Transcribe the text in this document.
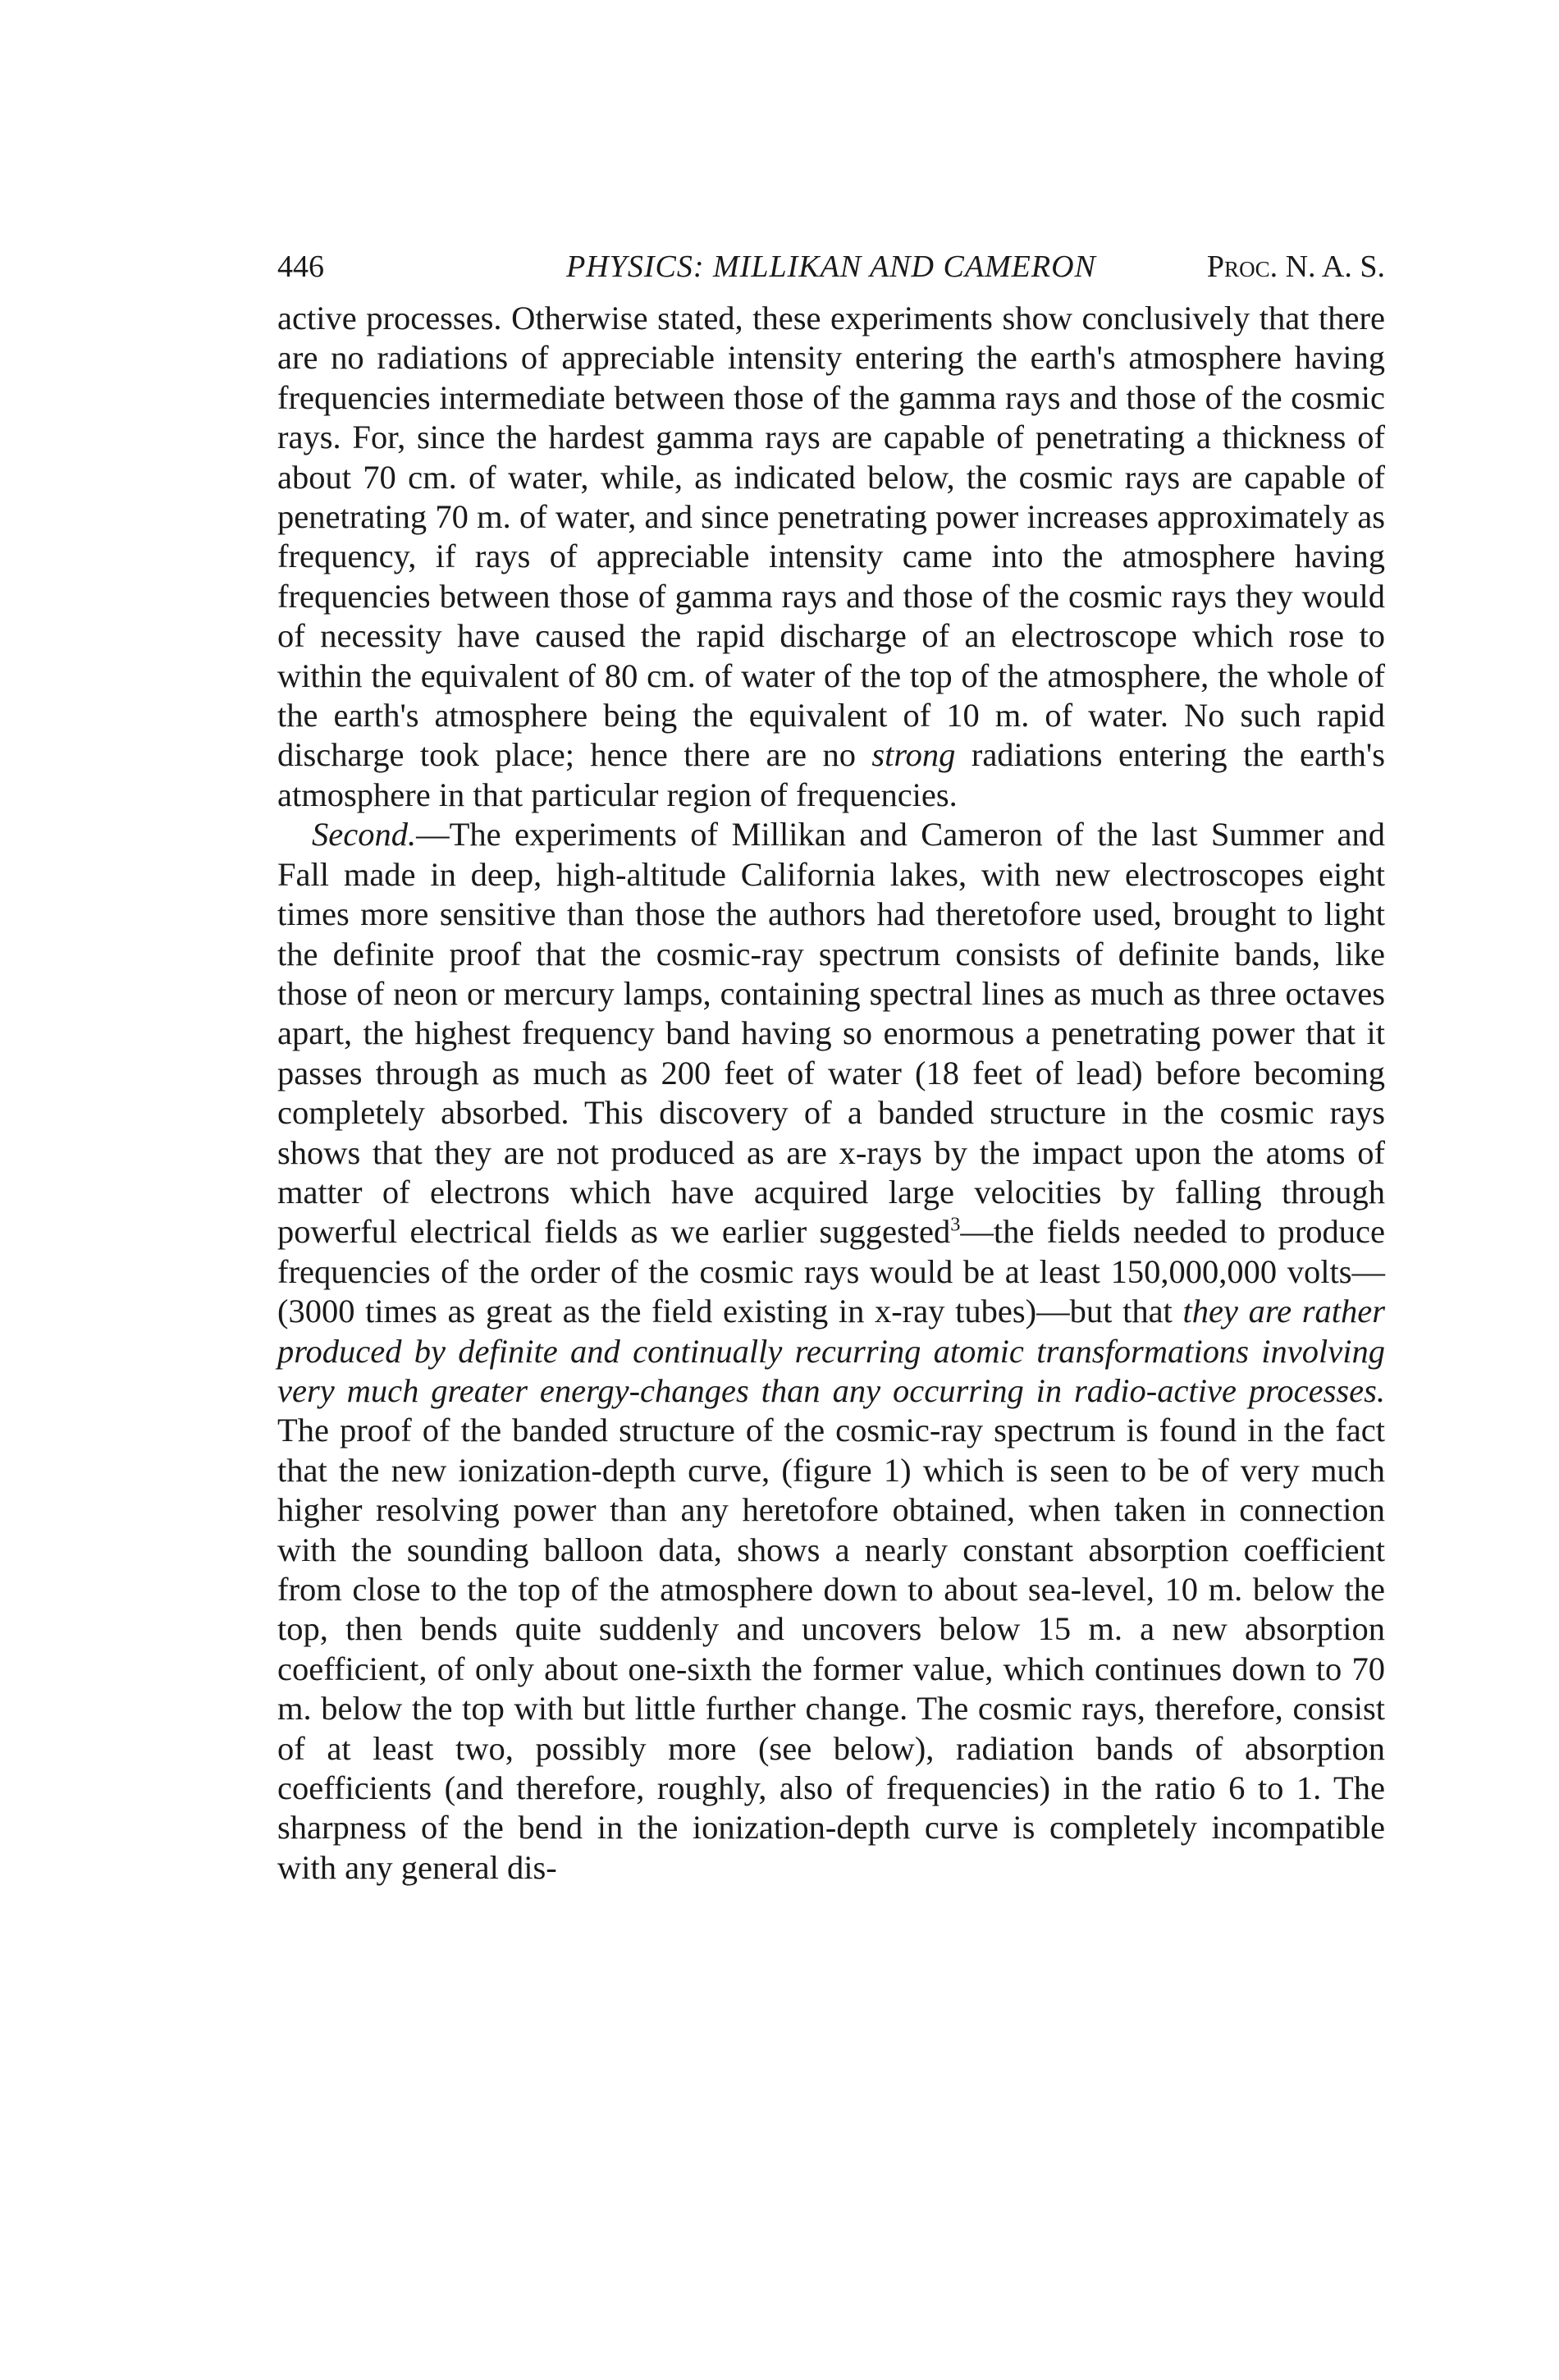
446	PHYSICS: MILLIKAN AND CAMERON	Proc. N. A. S.

active processes. Otherwise stated, these experiments show conclusively that there are no radiations of appreciable intensity entering the earth's atmosphere having frequencies intermediate between those of the gamma rays and those of the cosmic rays. For, since the hardest gamma rays are capable of penetrating a thickness of about 70 cm. of water, while, as indicated below, the cosmic rays are capable of penetrating 70 m. of water, and since penetrating power increases approximately as frequency, if rays of appreciable intensity came into the atmosphere having frequencies between those of gamma rays and those of the cosmic rays they would of necessity have caused the rapid discharge of an electroscope which rose to within the equivalent of 80 cm. of water of the top of the atmosphere, the whole of the earth's atmosphere being the equivalent of 10 m. of water. No such rapid discharge took place; hence there are no strong radiations entering the earth's atmosphere in that particular region of frequencies.

Second.—The experiments of Millikan and Cameron of the last Summer and Fall made in deep, high-altitude California lakes, with new electroscopes eight times more sensitive than those the authors had theretofore used, brought to light the definite proof that the cosmic-ray spectrum consists of definite bands, like those of neon or mercury lamps, containing spectral lines as much as three octaves apart, the highest frequency band having so enormous a penetrating power that it passes through as much as 200 feet of water (18 feet of lead) before becoming completely absorbed. This discovery of a banded structure in the cosmic rays shows that they are not produced as are x-rays by the impact upon the atoms of matter of electrons which have acquired large velocities by falling through powerful electrical fields as we earlier suggested$^3$—the fields needed to produce frequencies of the order of the cosmic rays would be at least 150,000,000 volts—(3000 times as great as the field existing in x-ray tubes)—but that they are rather produced by definite and continually recurring atomic transformations involving very much greater energy-changes than any occurring in radio-active processes. The proof of the banded structure of the cosmic-ray spectrum is found in the fact that the new ionization-depth curve, (figure 1) which is seen to be of very much higher resolving power than any heretofore obtained, when taken in connection with the sounding balloon data, shows a nearly constant absorption coefficient from close to the top of the atmosphere down to about sea-level, 10 m. below the top, then bends quite suddenly and uncovers below 15 m. a new absorption coefficient, of only about one-sixth the former value, which continues down to 70 m. below the top with but little further change. The cosmic rays, therefore, consist of at least two, possibly more (see below), radiation bands of absorption coefficients (and therefore, roughly, also of frequencies) in the ratio 6 to 1. The sharpness of the bend in the ionization-depth curve is completely incompatible with any general dis-
